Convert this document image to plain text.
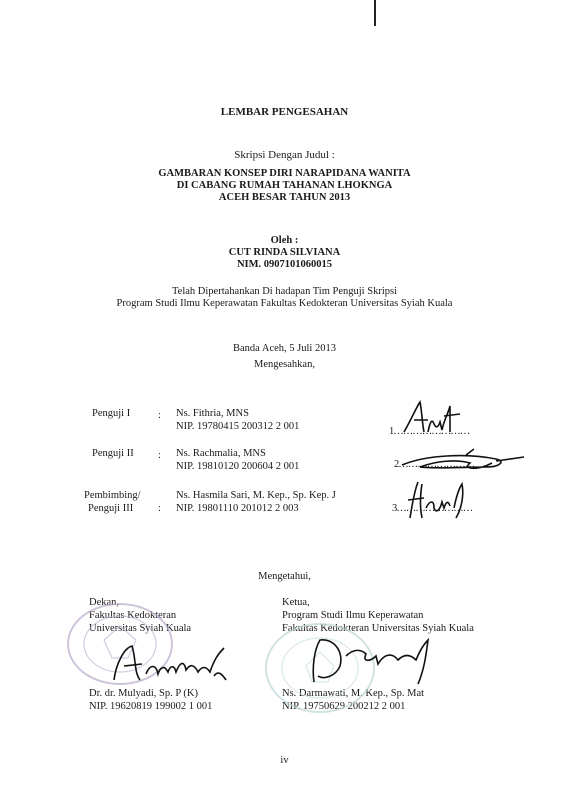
LEMBAR PENGESAHAN
Skripsi Dengan Judul :
GAMBARAN KONSEP DIRI NARAPIDANA WANITA
DI CABANG RUMAH TAHANAN LHOKNGA
ACEH BESAR TAHUN 2013
Oleh :
CUT RINDA SILVIANA
NIM. 0907101060015
Telah Dipertahankan Di hadapan Tim Penguji Skripsi
Program Studi Ilmu Keperawatan Fakultas Kedokteran Universitas Syiah Kuala
Banda Aceh, 5 Juli 2013
Mengesahkan,
Penguji I	: Ns. Fithria, MNS
NIP. 19780415 200312 2 001	1……………………
Penguji II : Ns. Rachmalia, MNS
NIP. 19810120 200604 2 001	2……………………
Pembimbing/
Penguji III :
Ns. Hasmila Sari, M. Kep., Sp. Kep. J
NIP. 19801110 201012 2 003	3……………………
Mengetahui,
Dekan,
Fakultas Kedokteran
Universitas Syiah Kuala
Dr. dr. Mulyadi, Sp. P (K)
NIP. 19620819 199002 1 001
Ketua,
Program Studi Ilmu Keperawatan
Fakultas Kedokteran Universitas Syiah Kuala
Ns. Darmawati, M. Kep., Sp. Mat
NIP. 19750629 200212 2 001
iv
